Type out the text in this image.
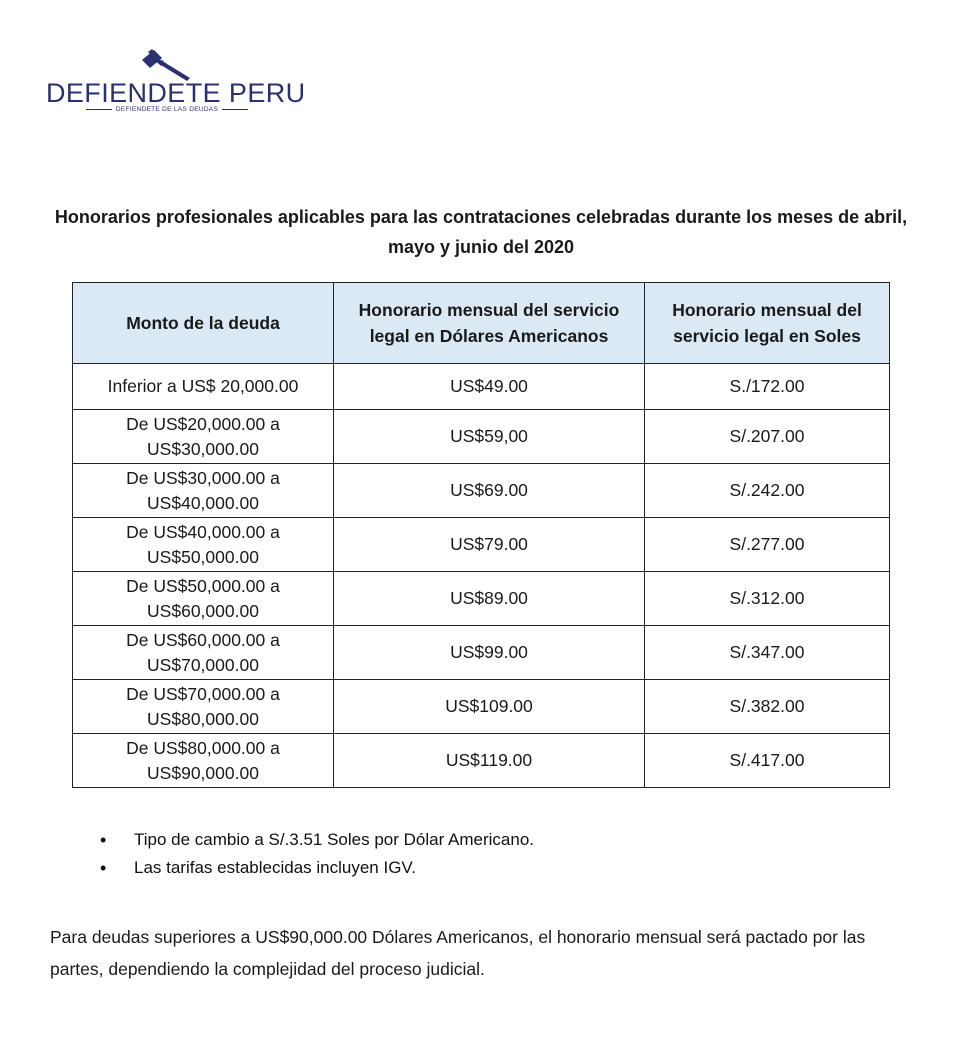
DEFIENDETE PERU
DEFIENDETE DE LAS DEUDAS
Honorarios profesionales aplicables para las contrataciones celebradas durante los meses de abril, mayo y junio del 2020
Monto de la deuda	Honorario mensual del servicio legal en Dólares Americanos	Honorario mensual del servicio legal en Soles
Inferior a US$ 20,000.00	US$49.00	S./172.00
De US$20,000.00 a US$30,000.00	US$59,00	S/.207.00
De US$30,000.00 a US$40,000.00	US$69.00	S/.242.00
De US$40,000.00 a US$50,000.00	US$79.00	S/.277.00
De US$50,000.00 a US$60,000.00	US$89.00	S/.312.00
De US$60,000.00 a US$70,000.00	US$99.00	S/.347.00
De US$70,000.00 a US$80,000.00	US$109.00	S/.382.00
De US$80,000.00 a US$90,000.00	US$119.00	S/.417.00
• Tipo de cambio a S/.3.51 Soles por Dólar Americano.
• Las tarifas establecidas incluyen IGV.

Para deudas superiores a US$90,000.00 Dólares Americanos, el honorario mensual será pactado por las partes, dependiendo la complejidad del proceso judicial.
